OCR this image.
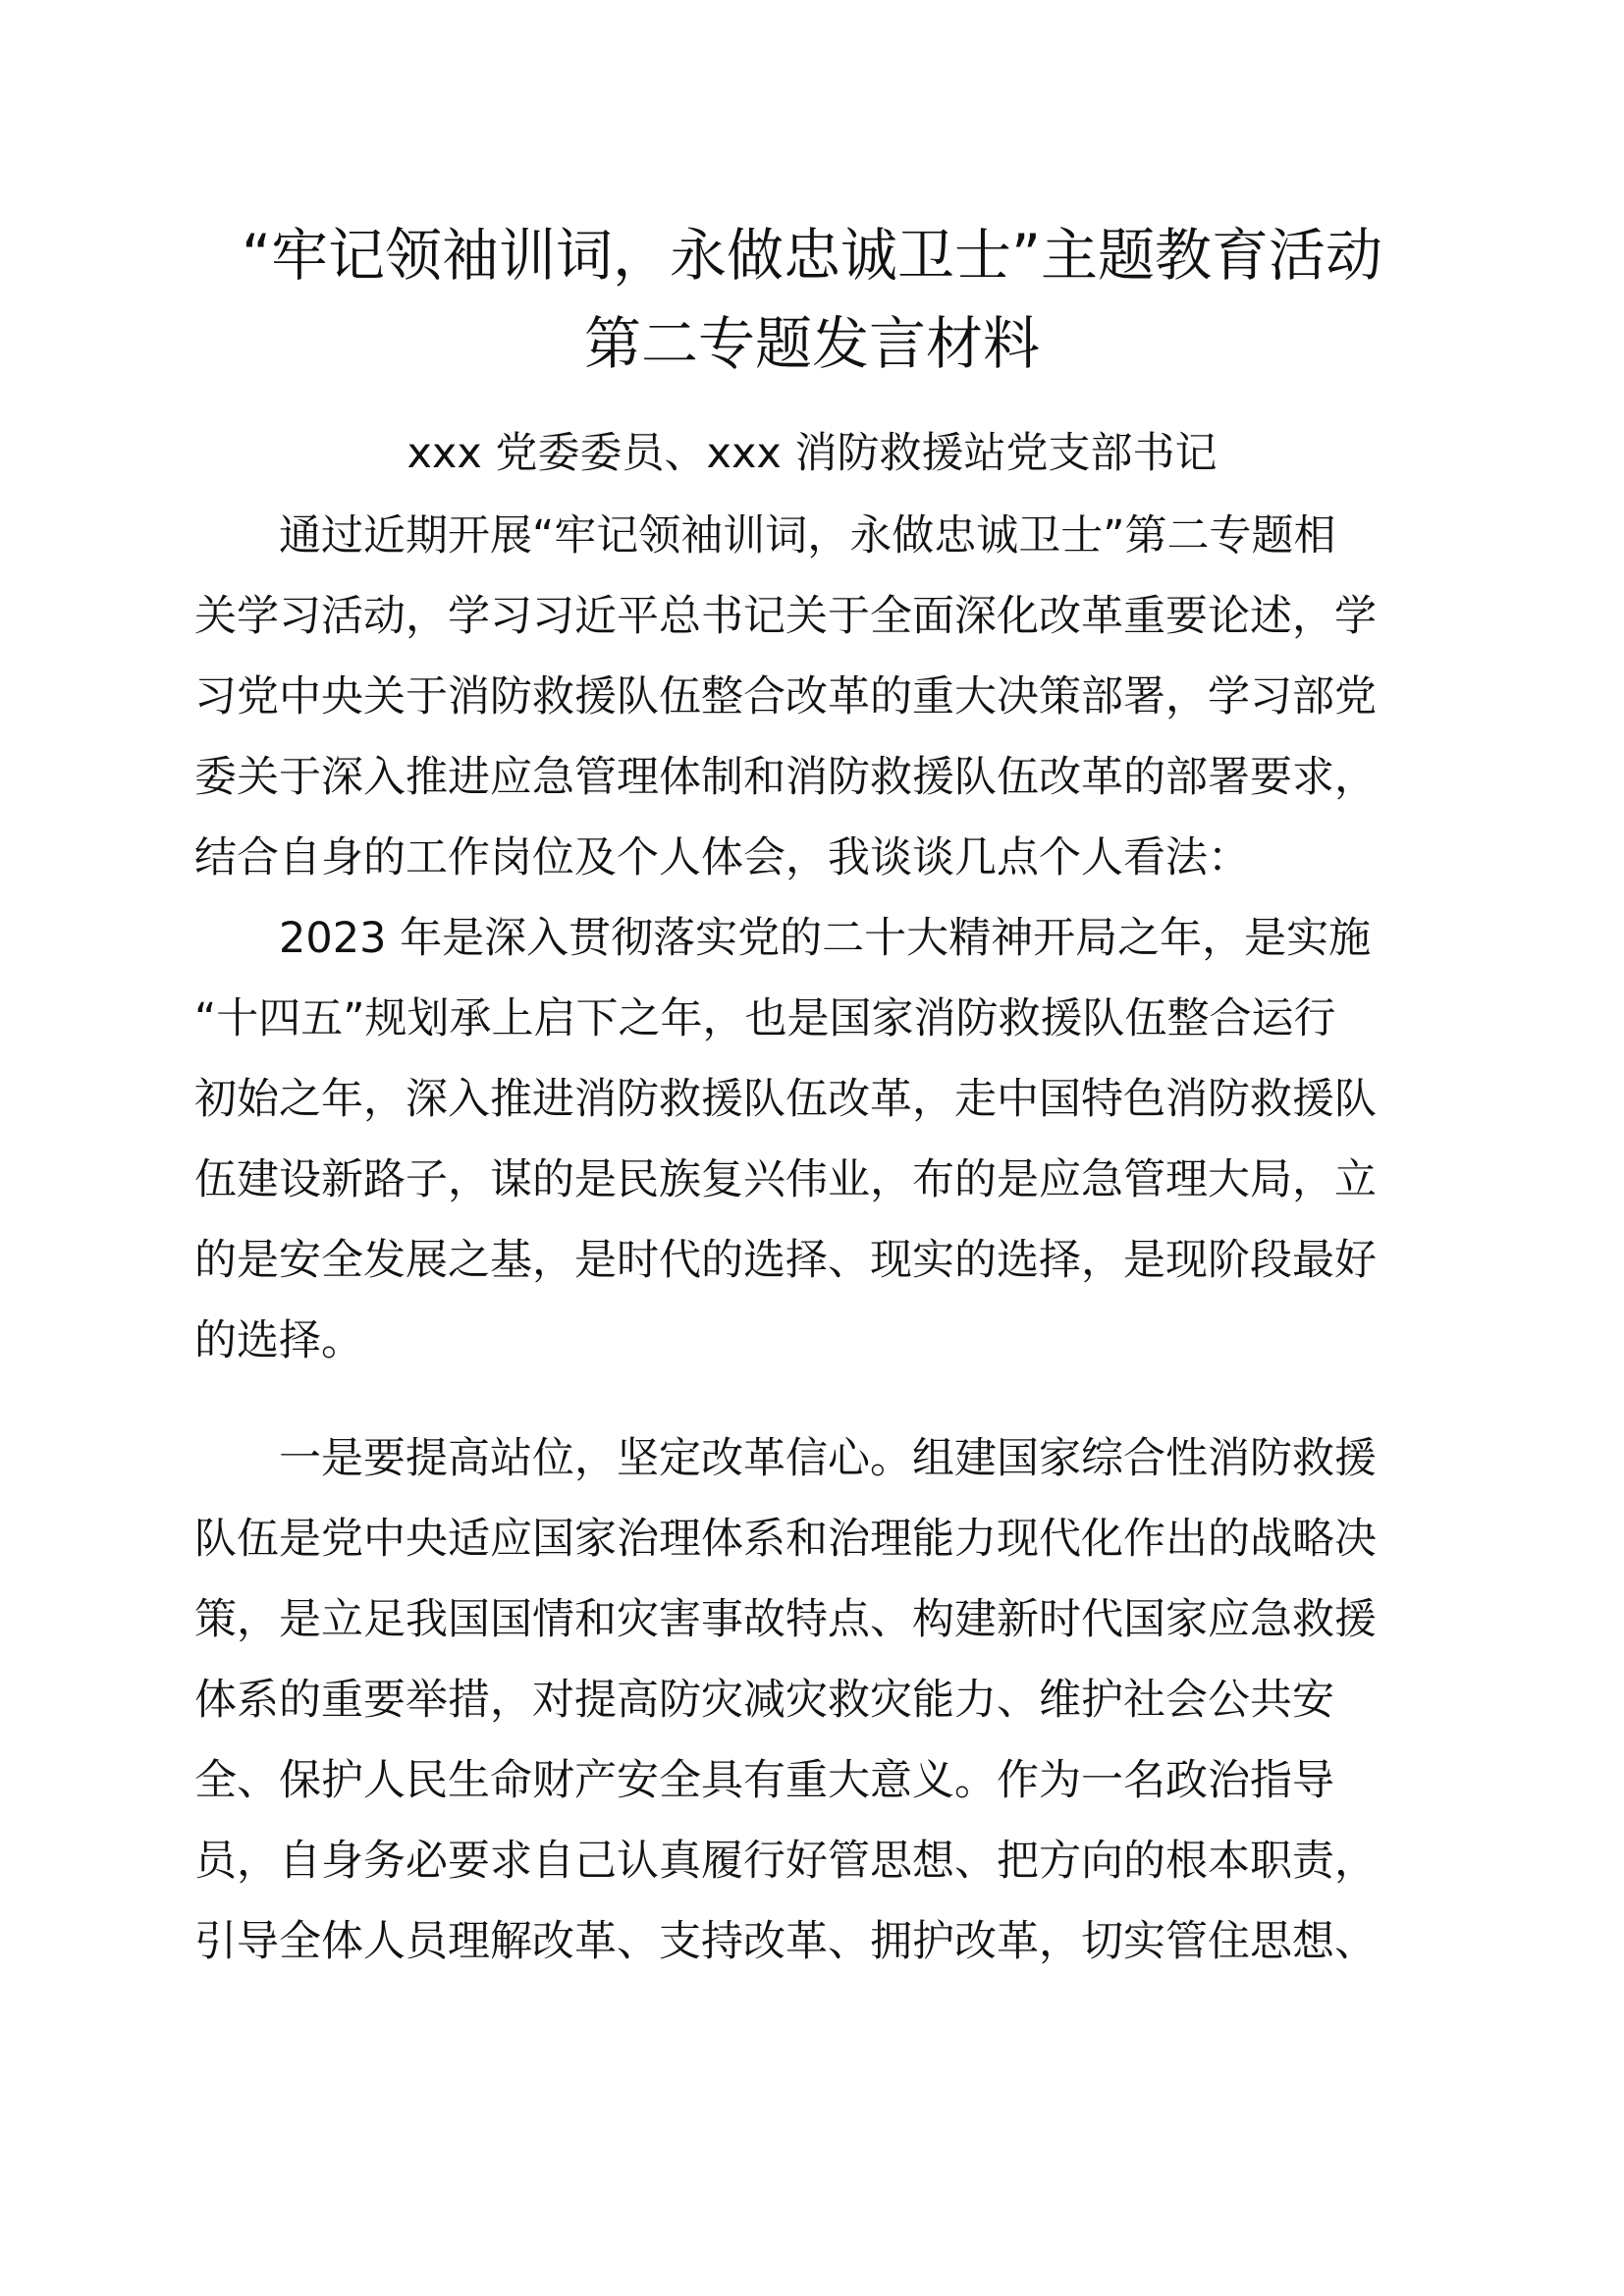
“牢记领袖训词，永做忠诚卫士”主题教育活动
第二专题发言材料

xxx 党委委员、xxx 消防救援站党支部书记

通过近期开展“牢记领袖训词，永做忠诚卫士”第二专题相
关学习活动，学习习近平总书记关于全面深化改革重要论述，学
习党中央关于消防救援队伍整合改革的重大决策部署，学习部党
委关于深入推进应急管理体制和消防救援队伍改革的部署要求，
结合自身的工作岗位及个人体会，我谈谈几点个人看法：

2023 年是深入贯彻落实党的二十大精神开局之年，是实施
“十四五”规划承上启下之年，也是国家消防救援队伍整合运行
初始之年，深入推进消防救援队伍改革，走中国特色消防救援队
伍建设新路子，谋的是民族复兴伟业，布的是应急管理大局，立
的是安全发展之基，是时代的选择、现实的选择，是现阶段最好
的选择。

一是要提高站位，坚定改革信心。组建国家综合性消防救援
队伍是党中央适应国家治理体系和治理能力现代化作出的战略决
策，是立足我国国情和灾害事故特点、构建新时代国家应急救援
体系的重要举措，对提高防灾减灾救灾能力、维护社会公共安
全、保护人民生命财产安全具有重大意义。作为一名政治指导
员，自身务必要求自己认真履行好管思想、把方向的根本职责，
引导全体人员理解改革、支持改革、拥护改革，切实管住思想、
